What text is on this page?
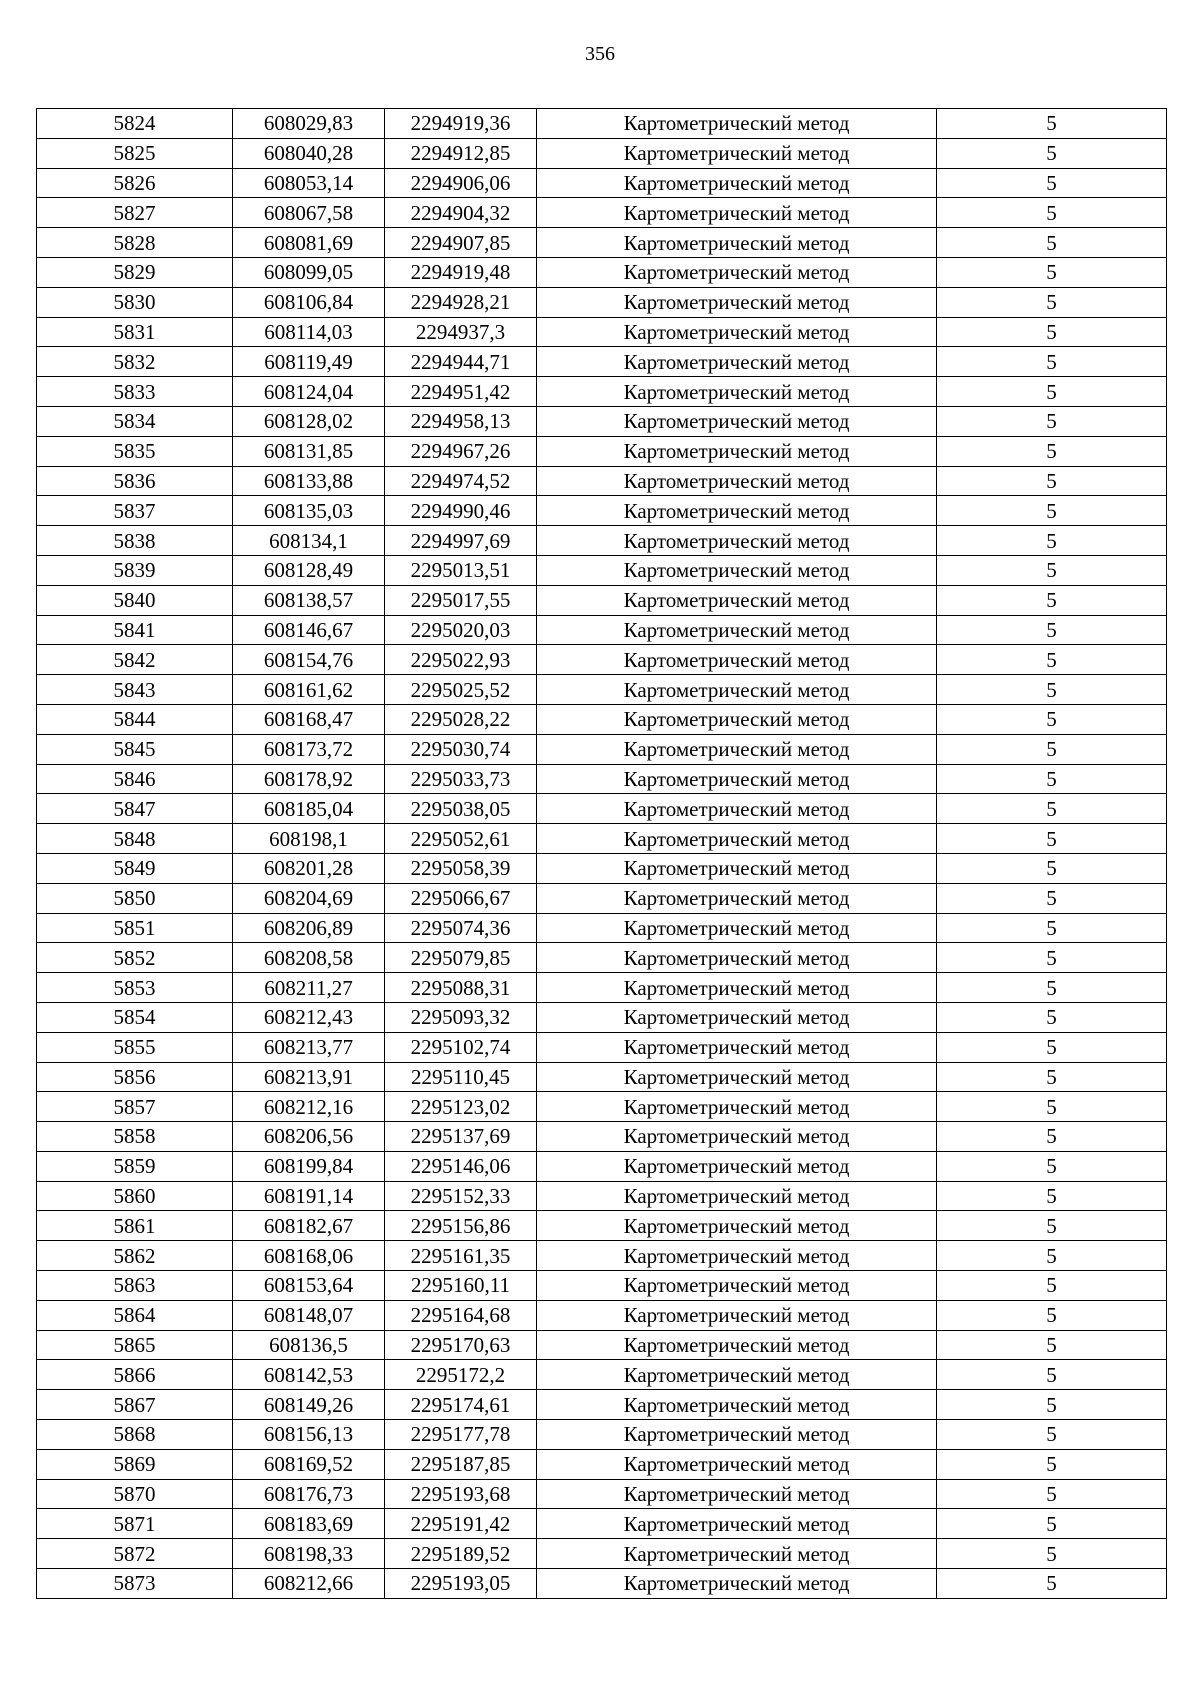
356
5824	608029,83	2294919,36	Картометрический метод	5
5825	608040,28	2294912,85	Картометрический метод	5
5826	608053,14	2294906,06	Картометрический метод	5
5827	608067,58	2294904,32	Картометрический метод	5
5828	608081,69	2294907,85	Картометрический метод	5
5829	608099,05	2294919,48	Картометрический метод	5
5830	608106,84	2294928,21	Картометрический метод	5
5831	608114,03	2294937,3	Картометрический метод	5
5832	608119,49	2294944,71	Картометрический метод	5
5833	608124,04	2294951,42	Картометрический метод	5
5834	608128,02	2294958,13	Картометрический метод	5
5835	608131,85	2294967,26	Картометрический метод	5
5836	608133,88	2294974,52	Картометрический метод	5
5837	608135,03	2294990,46	Картометрический метод	5
5838	608134,1	2294997,69	Картометрический метод	5
5839	608128,49	2295013,51	Картометрический метод	5
5840	608138,57	2295017,55	Картометрический метод	5
5841	608146,67	2295020,03	Картометрический метод	5
5842	608154,76	2295022,93	Картометрический метод	5
5843	608161,62	2295025,52	Картометрический метод	5
5844	608168,47	2295028,22	Картометрический метод	5
5845	608173,72	2295030,74	Картометрический метод	5
5846	608178,92	2295033,73	Картометрический метод	5
5847	608185,04	2295038,05	Картометрический метод	5
5848	608198,1	2295052,61	Картометрический метод	5
5849	608201,28	2295058,39	Картометрический метод	5
5850	608204,69	2295066,67	Картометрический метод	5
5851	608206,89	2295074,36	Картометрический метод	5
5852	608208,58	2295079,85	Картометрический метод	5
5853	608211,27	2295088,31	Картометрический метод	5
5854	608212,43	2295093,32	Картометрический метод	5
5855	608213,77	2295102,74	Картометрический метод	5
5856	608213,91	2295110,45	Картометрический метод	5
5857	608212,16	2295123,02	Картометрический метод	5
5858	608206,56	2295137,69	Картометрический метод	5
5859	608199,84	2295146,06	Картометрический метод	5
5860	608191,14	2295152,33	Картометрический метод	5
5861	608182,67	2295156,86	Картометрический метод	5
5862	608168,06	2295161,35	Картометрический метод	5
5863	608153,64	2295160,11	Картометрический метод	5
5864	608148,07	2295164,68	Картометрический метод	5
5865	608136,5	2295170,63	Картометрический метод	5
5866	608142,53	2295172,2	Картометрический метод	5
5867	608149,26	2295174,61	Картометрический метод	5
5868	608156,13	2295177,78	Картометрический метод	5
5869	608169,52	2295187,85	Картометрический метод	5
5870	608176,73	2295193,68	Картометрический метод	5
5871	608183,69	2295191,42	Картометрический метод	5
5872	608198,33	2295189,52	Картометрический метод	5
5873	608212,66	2295193,05	Картометрический метод	5
